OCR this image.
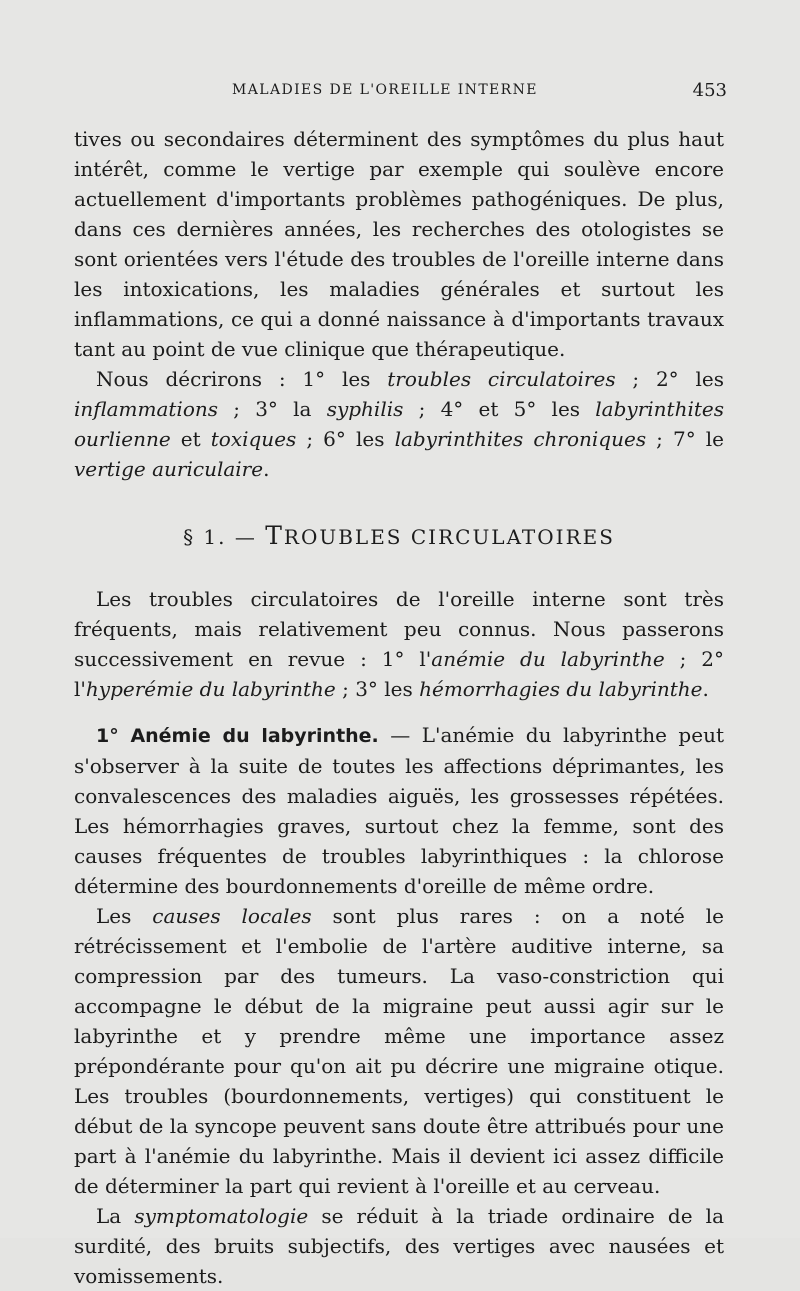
MALADIES DE L'OREILLE INTERNE	453

tives ou secondaires déterminent des symptômes du plus haut intérêt, comme le vertige par exemple qui soulève encore actuellement d'importants problèmes pathogéniques. De plus, dans ces dernières années, les recherches des otologistes se sont orientées vers l'étude des troubles de l'oreille interne dans les intoxications, les maladies générales et surtout les inflammations, ce qui a donné naissance à d'importants travaux tant au point de vue clinique que thérapeutique.

Nous décrirons : 1° les troubles circulatoires ; 2° les inflammations ; 3° la syphilis ; 4° et 5° les labyrinthites ourlienne et toxiques ; 6° les labyrinthites chroniques ; 7° le vertige auriculaire.

§ 1. — TROUBLES CIRCULATOIRES

Les troubles circulatoires de l'oreille interne sont très fréquents, mais relativement peu connus. Nous passerons successivement en revue : 1° l'anémie du labyrinthe ; 2° l'hyperémie du labyrinthe ; 3° les hémorrhagies du labyrinthe.

1° Anémie du labyrinthe. — L'anémie du labyrinthe peut s'observer à la suite de toutes les affections déprimantes, les convalescences des maladies aiguës, les grossesses répétées. Les hémorrhagies graves, surtout chez la femme, sont des causes fréquentes de troubles labyrinthiques : la chlorose détermine des bourdonnements d'oreille de même ordre.

Les causes locales sont plus rares : on a noté le rétrécissement et l'embolie de l'artère auditive interne, sa compression par des tumeurs. La vaso-constriction qui accompagne le début de la migraine peut aussi agir sur le labyrinthe et y prendre même une importance assez prépondérante pour qu'on ait pu décrire une migraine otique. Les troubles (bourdonnements, vertiges) qui constituent le début de la syncope peuvent sans doute être attribués pour une part à l'anémie du labyrinthe. Mais il devient ici assez difficile de déterminer la part qui revient à l'oreille et au cerveau.

La symptomatologie se réduit à la triade ordinaire de la surdité, des bruits subjectifs, des vertiges avec nausées et vomissements.
